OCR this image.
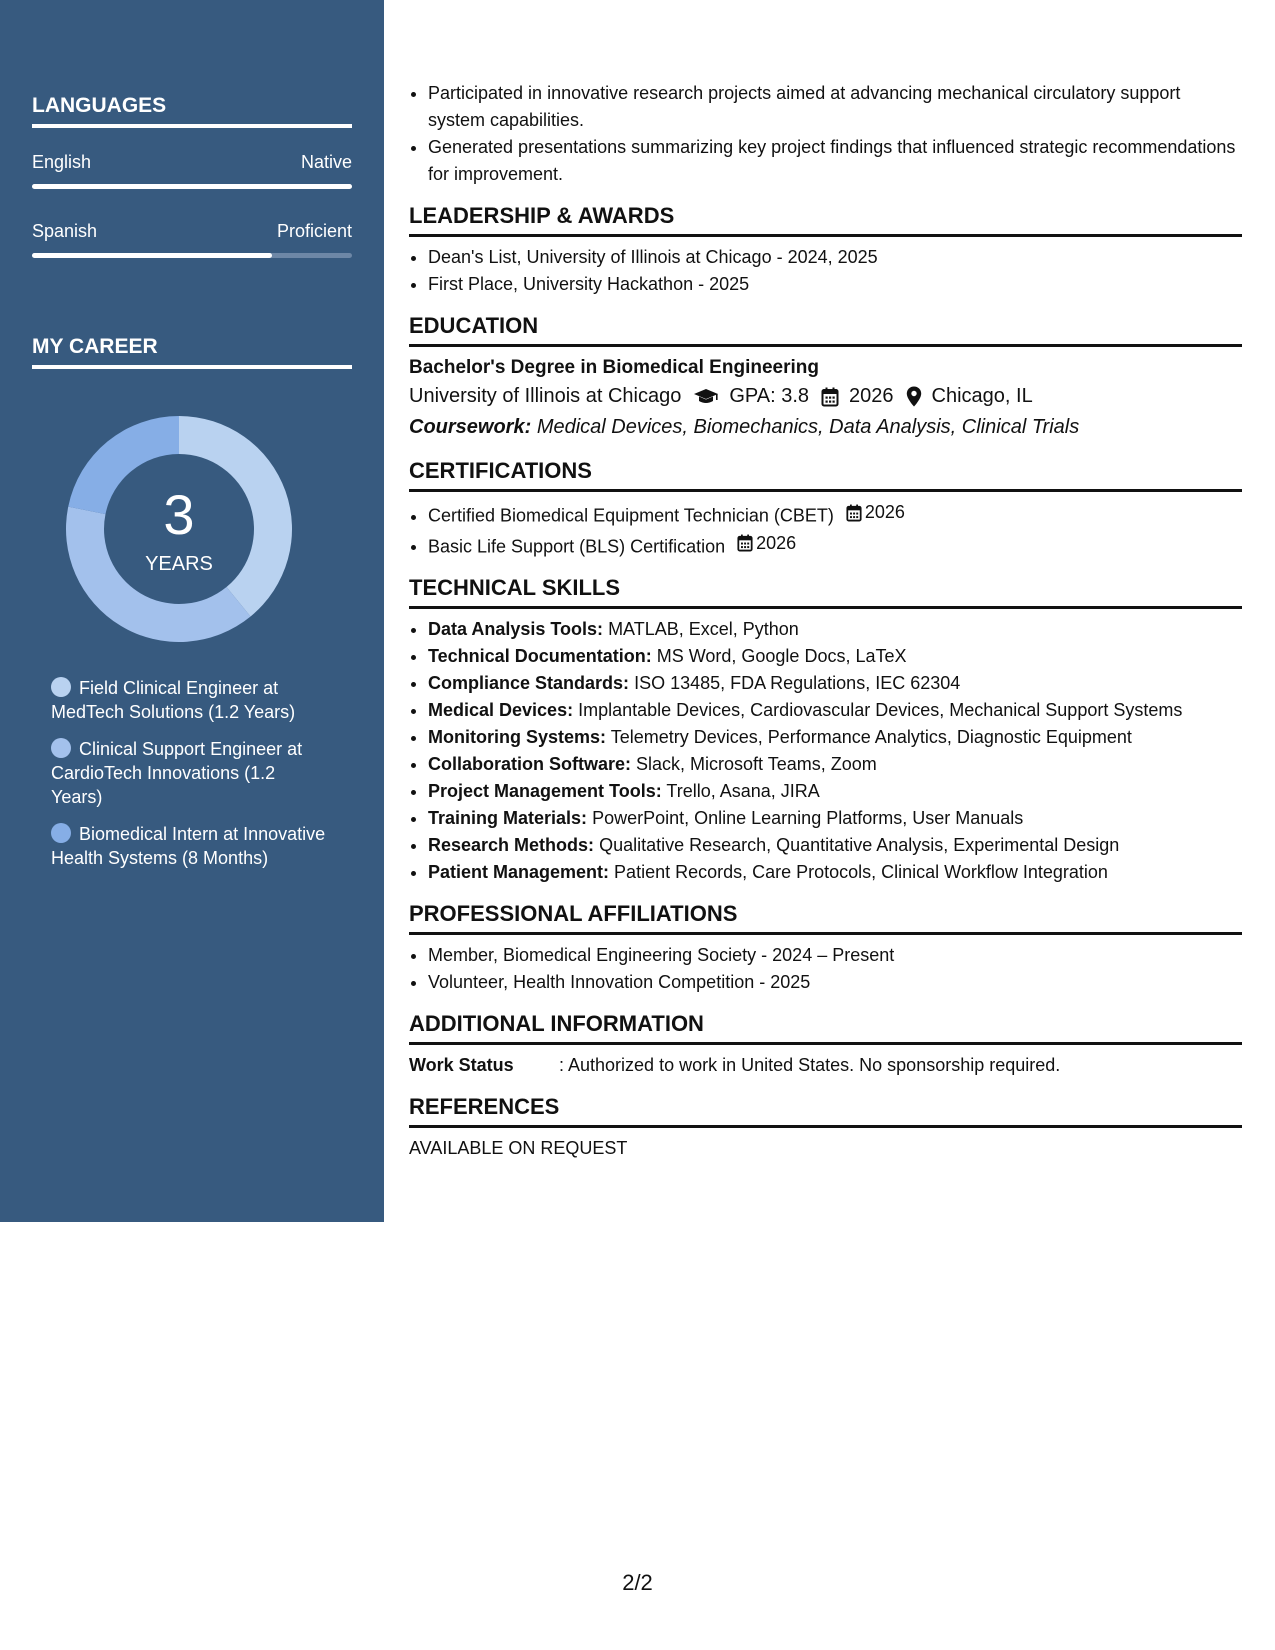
LANGUAGES
English	Native
Spanish	Proficient
MY CAREER
3
YEARS
Field Clinical Engineer at MedTech Solutions (1.2 Years)
Clinical Support Engineer at CardioTech Innovations (1.2 Years)
Biomedical Intern at Innovative Health Systems (8 Months)
• Participated in innovative research projects aimed at advancing mechanical circulatory support system capabilities.
• Generated presentations summarizing key project findings that influenced strategic recommendations for improvement.
LEADERSHIP & AWARDS
• Dean's List, University of Illinois at Chicago - 2024, 2025
• First Place, University Hackathon - 2025
EDUCATION
Bachelor's Degree in Biomedical Engineering
University of Illinois at Chicago GPA: 3.8 2026 Chicago, IL
Coursework: Medical Devices, Biomechanics, Data Analysis, Clinical Trials
CERTIFICATIONS
• Certified Biomedical Equipment Technician (CBET) 2026
• Basic Life Support (BLS) Certification 2026
TECHNICAL SKILLS
• Data Analysis Tools: MATLAB, Excel, Python
• Technical Documentation: MS Word, Google Docs, LaTeX
• Compliance Standards: ISO 13485, FDA Regulations, IEC 62304
• Medical Devices: Implantable Devices, Cardiovascular Devices, Mechanical Support Systems
• Monitoring Systems: Telemetry Devices, Performance Analytics, Diagnostic Equipment
• Collaboration Software: Slack, Microsoft Teams, Zoom
• Project Management Tools: Trello, Asana, JIRA
• Training Materials: PowerPoint, Online Learning Platforms, User Manuals
• Research Methods: Qualitative Research, Quantitative Analysis, Experimental Design
• Patient Management: Patient Records, Care Protocols, Clinical Workflow Integration
PROFESSIONAL AFFILIATIONS
• Member, Biomedical Engineering Society - 2024 – Present
• Volunteer, Health Innovation Competition - 2025
ADDITIONAL INFORMATION
Work Status	: Authorized to work in United States. No sponsorship required.
REFERENCES
AVAILABLE ON REQUEST
2/2
